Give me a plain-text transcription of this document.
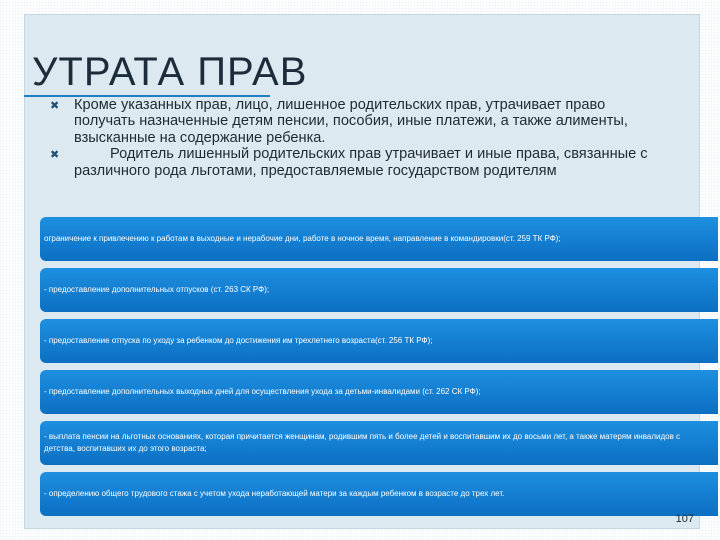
УТРАТА ПРАВ
✖ Кроме указанных прав, лицо, лишенное родительских прав, утрачивает право получать назначенные детям пенсии, пособия, иные платежи, а также алименты, взысканные на содержание ребенка.
✖	Родитель лишенный родительских прав утрачивает и иные права, связанные с различного рода льготами, предоставляемые государством родителям
ограничение к привлечению к работам в выходные и нерабочие дни, работе в ночное время, направление в командировки(ст. 259 ТК РФ);
- предоставление дополнительных отпусков (ст. 263 СК РФ);
- предоставление отпуска по уходу за ребенком до достижения им трехлетнего возраста(ст. 256 ТК РФ);
- предоставление дополнительных выходных дней для осуществления ухода за детьми-инвалидами (ст. 262 СК РФ);
- выплата пенсии на льготных основаниях, которая причитается женщинам, родившим пять и более детей и воспитавшим их до восьми лет, а также матерям инвалидов с детства, воспитавших их до этого возраста;
- определению общего трудового стажа с учетом ухода неработающей матери за каждым ребенком в возрасте до трех лет.
107
